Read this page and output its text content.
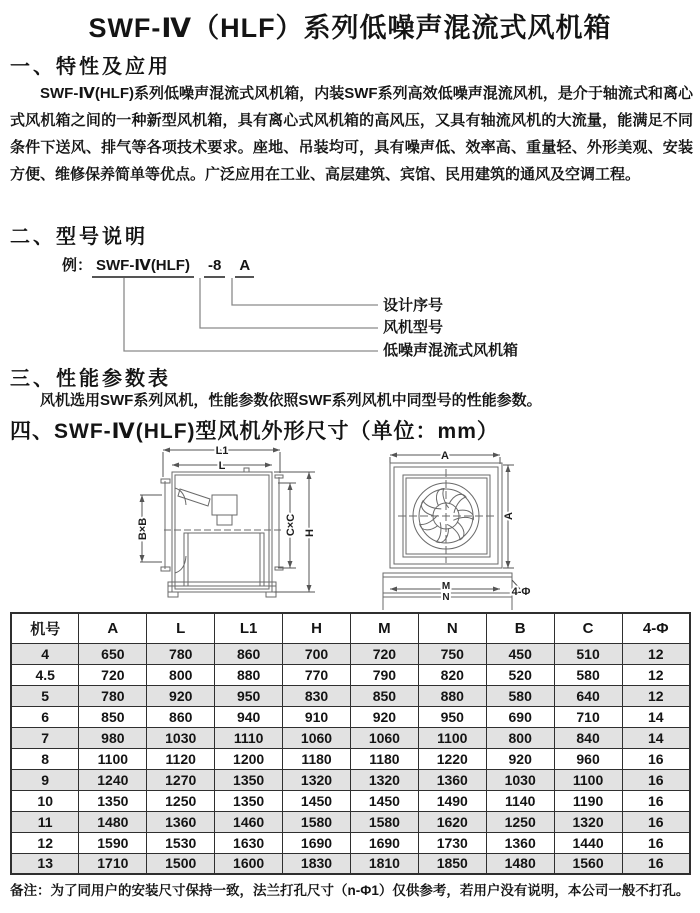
SWF-Ⅳ（HLF）系列低噪声混流式风机箱
一、特性及应用
SWF-Ⅳ(HLF)系列低噪声混流式风机箱，内装SWF系列高效低噪声混流风机，是介于轴流式和离心式风机箱之间的一种新型风机箱，具有离心式风机箱的高风压，又具有轴流风机的大流量，能满足不同条件下送风、排气等各项技术要求。座地、吊装均可，具有噪声低、效率高、重量轻、外形美观、安装方便、维修保养简单等优点。广泛应用在工业、高层建筑、宾馆、民用建筑的通风及空调工程。
二、型号说明
例： SWF-Ⅳ(HLF) -8 A
设计序号
风机型号
低噪声混流式风机箱
三、性能参数表
风机选用SWF系列风机，性能参数依照SWF系列风机中同型号的性能参数。
四、SWF-Ⅳ(HLF)型风机外形尺寸（单位：mm）
L1
L
B×B	C×C H
A
A
M
N	4-Φ
机号	A	L	L1	H	M	N	B	C	4-Φ
4	650	780	860	700	720	750	450	510	12
4.5	720	800	880	770	790	820	520	580	12
5	780	920	950	830	850	880	580	640	12
6	850	860	940	910	920	950	690	710	14
7	980	1030	1110	1060	1060	1100	800	840	14
8	1100	1120	1200	1180	1180	1220	920	960	16
9	1240	1270	1350	1320	1320	1360	1030	1100	16
10	1350	1250	1350	1450	1450	1490	1140	1190	16
11	1480	1360	1460	1580	1580	1620	1250	1320	16
12	1590	1530	1630	1690	1690	1730	1360	1440	16
13	1710	1500	1600	1830	1810	1850	1480	1560	16
备注：为了同用户的安装尺寸保持一致，法兰打孔尺寸（n-Φ1）仅供参考，若用户没有说明，本公司一般不打孔。
